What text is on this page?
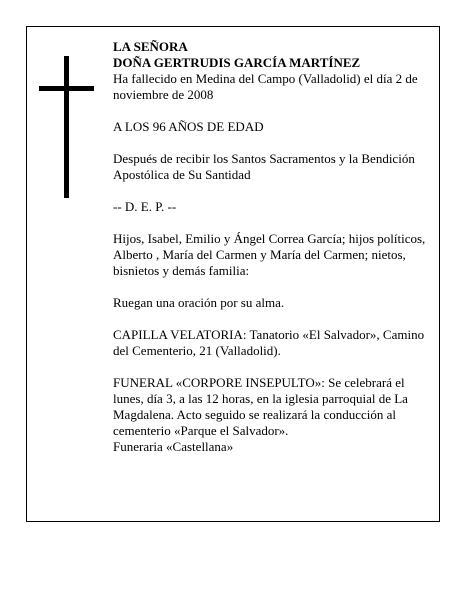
LA SEÑORA

DOÑA GERTRUDIS GARCÍA MARTÍNEZ

Ha fallecido en Medina del Campo (Valladolid) el día 2 de noviembre de 2008

A LOS 96 AÑOS DE EDAD

Después de recibir los Santos Sacramentos y la Bendición Apostólica de Su Santidad

-- D. E. P. --

Hijos, Isabel, Emilio y Ángel Correa García; hijos políticos, Alberto , María del Carmen y María del Carmen; nietos, bisnietos y demás familia:

Ruegan una oración por su alma.

CAPILLA VELATORIA: Tanatorio «El Salvador», Camino del Cementerio, 21 (Valladolid).

FUNERAL «CORPORE INSEPULTO»: Se celebrará el lunes, día 3, a las 12 horas, en la iglesia parroquial de La Magdalena. Acto seguido se realizará la conducción al cementerio «Parque el Salvador».

Funeraria «Castellana»
